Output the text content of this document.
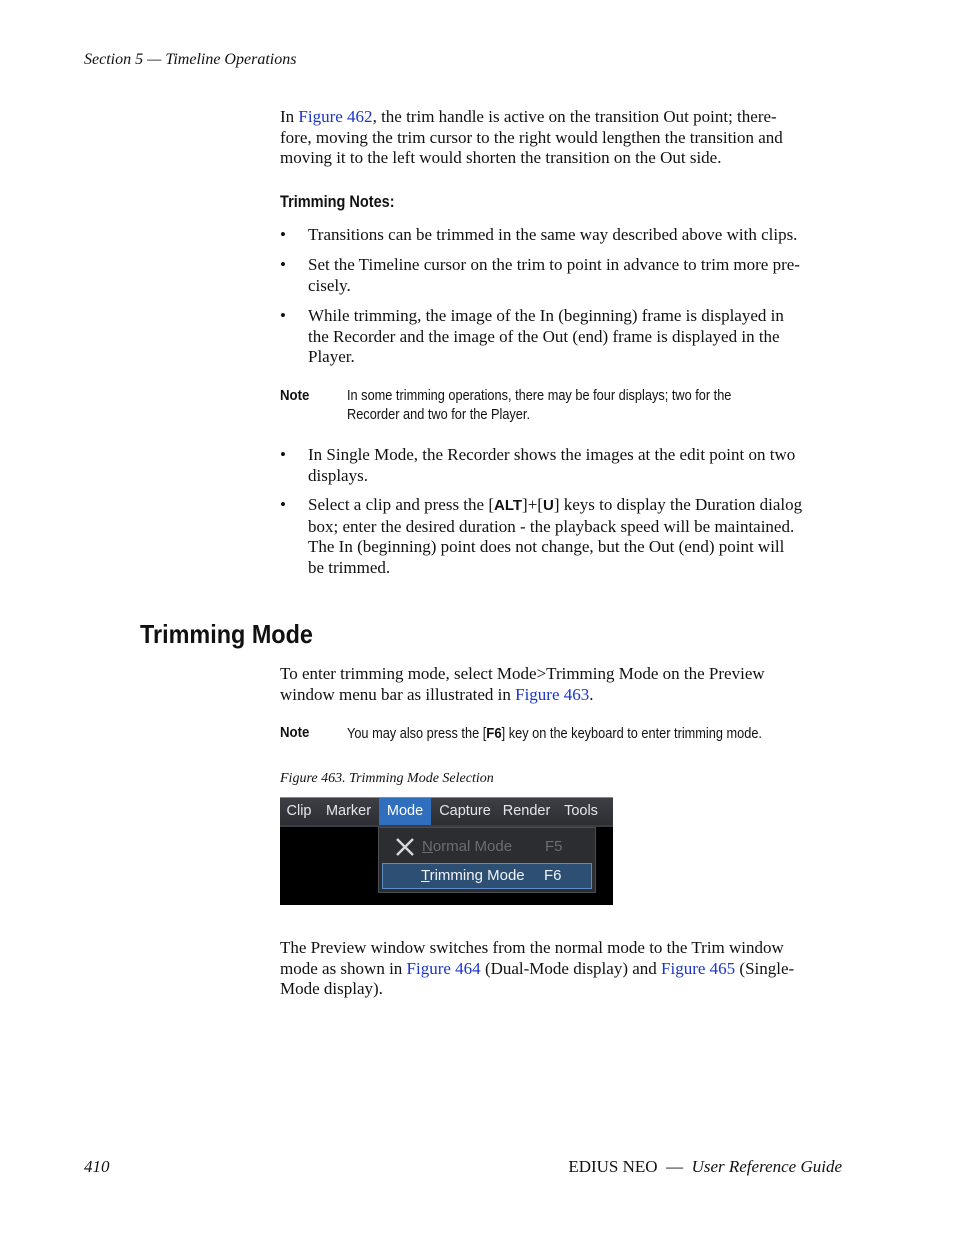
Section 5 — Timeline Operations
In Figure 462, the trim handle is active on the transition Out point; there-
fore, moving the trim cursor to the right would lengthen the transition and
moving it to the left would shorten the transition on the Out side.
Trimming Notes:
• Transitions can be trimmed in the same way described above with clips.
• Set the Timeline cursor on the trim to point in advance to trim more pre-
cisely.
• While trimming, the image of the In (beginning) frame is displayed in
the Recorder and the image of the Out (end) frame is displayed in the
Player.
Note	In some trimming operations, there may be four displays; two for the
Recorder and two for the Player.
• In Single Mode, the Recorder shows the images at the edit point on two
displays.
• Select a clip and press the [ALT]+[U] keys to display the Duration dialog
box; enter the desired duration - the playback speed will be maintained.
The In (beginning) point does not change, but the Out (end) point will
be trimmed.
Trimming Mode
To enter trimming mode, select Mode>Trimming Mode on the Preview
window menu bar as illustrated in Figure 463.
Note	You may also press the [F6] key on the keyboard to enter trimming mode.
Figure 463. Trimming Mode Selection
Clip Marker	Mode	Capture Render Tools
Normal Mode F5
Trimming Mode F6
The Preview window switches from the normal mode to the Trim window
mode as shown in Figure 464 (Dual-Mode display) and Figure 465 (Single-
Mode display).
410	EDIUS NEO — User Reference Guide
